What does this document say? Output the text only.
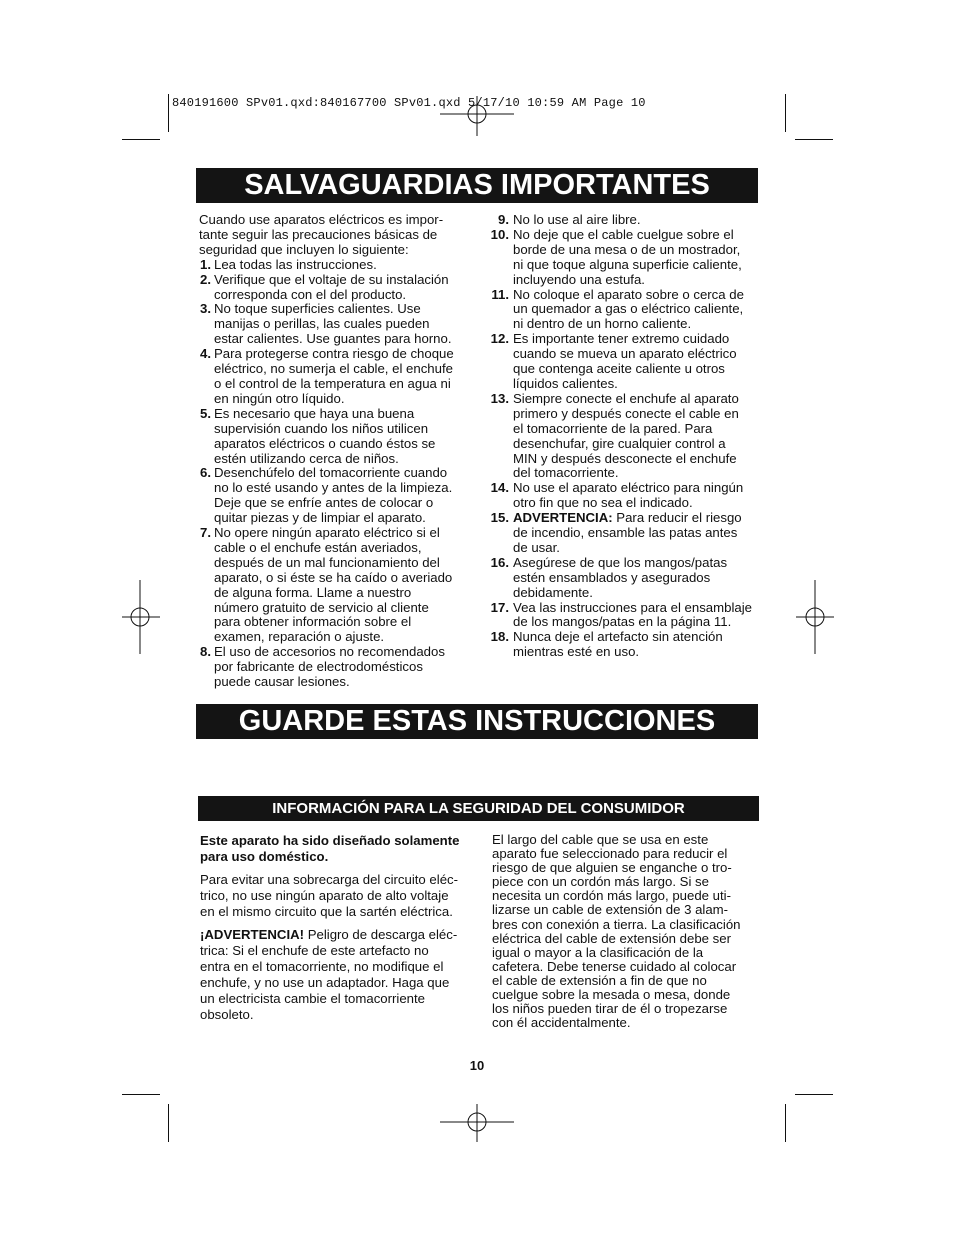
840191600 SPv01.qxd:840167700 SPv01.qxd 5/17/10 10:59 AM Page 10
SALVAGUARDIAS IMPORTANTES

Cuando use aparatos eléctricos es impor-
tante seguir las precauciones básicas de
seguridad que incluyen lo siguiente:

1. Lea todas las instrucciones.
2. Verifique que el voltaje de su instalación
corresponda con el del producto.
3. No toque superficies calientes. Use
manijas o perillas, las cuales pueden
estar calientes. Use guantes para horno.
4. Para protegerse contra riesgo de choque
eléctrico, no sumerja el cable, el enchufe
o el control de la temperatura en agua ni
en ningún otro líquido.
5. Es necesario que haya una buena
supervisión cuando los niños utilicen
aparatos eléctricos o cuando éstos se
estén utilizando cerca de niños.
6. Desenchúfelo del tomacorriente cuando
no lo esté usando y antes de la limpieza.
Deje que se enfríe antes de colocar o
quitar piezas y de limpiar el aparato.
7. No opere ningún aparato eléctrico si el
cable o el enchufe están averiados,
después de un mal funcionamiento del
aparato, o si éste se ha caído o averiado
de alguna forma. Llame a nuestro
número gratuito de servicio al cliente
para obtener información sobre el
examen, reparación o ajuste.
8. El uso de accesorios no recomendados
por fabricante de electrodomésticos
puede causar lesiones.
9. No lo use al aire libre.
10. No deje que el cable cuelgue sobre el
borde de una mesa o de un mostrador,
ni que toque alguna superficie caliente,
incluyendo una estufa.
11. No coloque el aparato sobre o cerca de
un quemador a gas o eléctrico caliente,
ni dentro de un horno caliente.
12. Es importante tener extremo cuidado
cuando se mueva un aparato eléctrico
que contenga aceite caliente u otros
líquidos calientes.
13. Siempre conecte el enchufe al aparato
primero y después conecte el cable en
el tomacorriente de la pared. Para
desenchufar, gire cualquier control a
MIN y después desconecte el enchufe
del tomacorriente.
14. No use el aparato eléctrico para ningún
otro fin que no sea el indicado.
15. ADVERTENCIA: Para reducir el riesgo
de incendio, ensamble las patas antes
de usar.
16. Asegúrese de que los mangos/patas
estén ensamblados y asegurados
debidamente.
17. Vea las instrucciones para el ensamblaje
de los mangos/patas en la página 11.
18. Nunca deje el artefacto sin atención
mientras esté en uso.
GUARDE ESTAS INSTRUCCIONES
INFORMACIÓN PARA LA SEGURIDAD DEL CONSUMIDOR

Este aparato ha sido diseñado solamente
para uso doméstico.

Para evitar una sobrecarga del circuito eléc-
trico, no use ningún aparato de alto voltaje
en el mismo circuito que la sartén eléctrica.

¡ADVERTENCIA! Peligro de descarga eléc-
trica: Si el enchufe de este artefacto no
entra en el tomacorriente, no modifique el
enchufe, y no use un adaptador. Haga que
un electricista cambie el tomacorriente
obsoleto.

El largo del cable que se usa en este
aparato fue seleccionado para reducir el
riesgo de que alguien se enganche o tro-
piece con un cordón más largo. Si se
necesita un cordón más largo, puede uti-
lizarse un cable de extensión de 3 alam-
bres con conexión a tierra. La clasificación
eléctrica del cable de extensión debe ser
igual o mayor a la clasificación de la
cafetera. Debe tenerse cuidado al colocar
el cable de extensión a fin de que no
cuelgue sobre la mesada o mesa, donde
los niños pueden tirar de él o tropezarse
con él accidentalmente.

10
